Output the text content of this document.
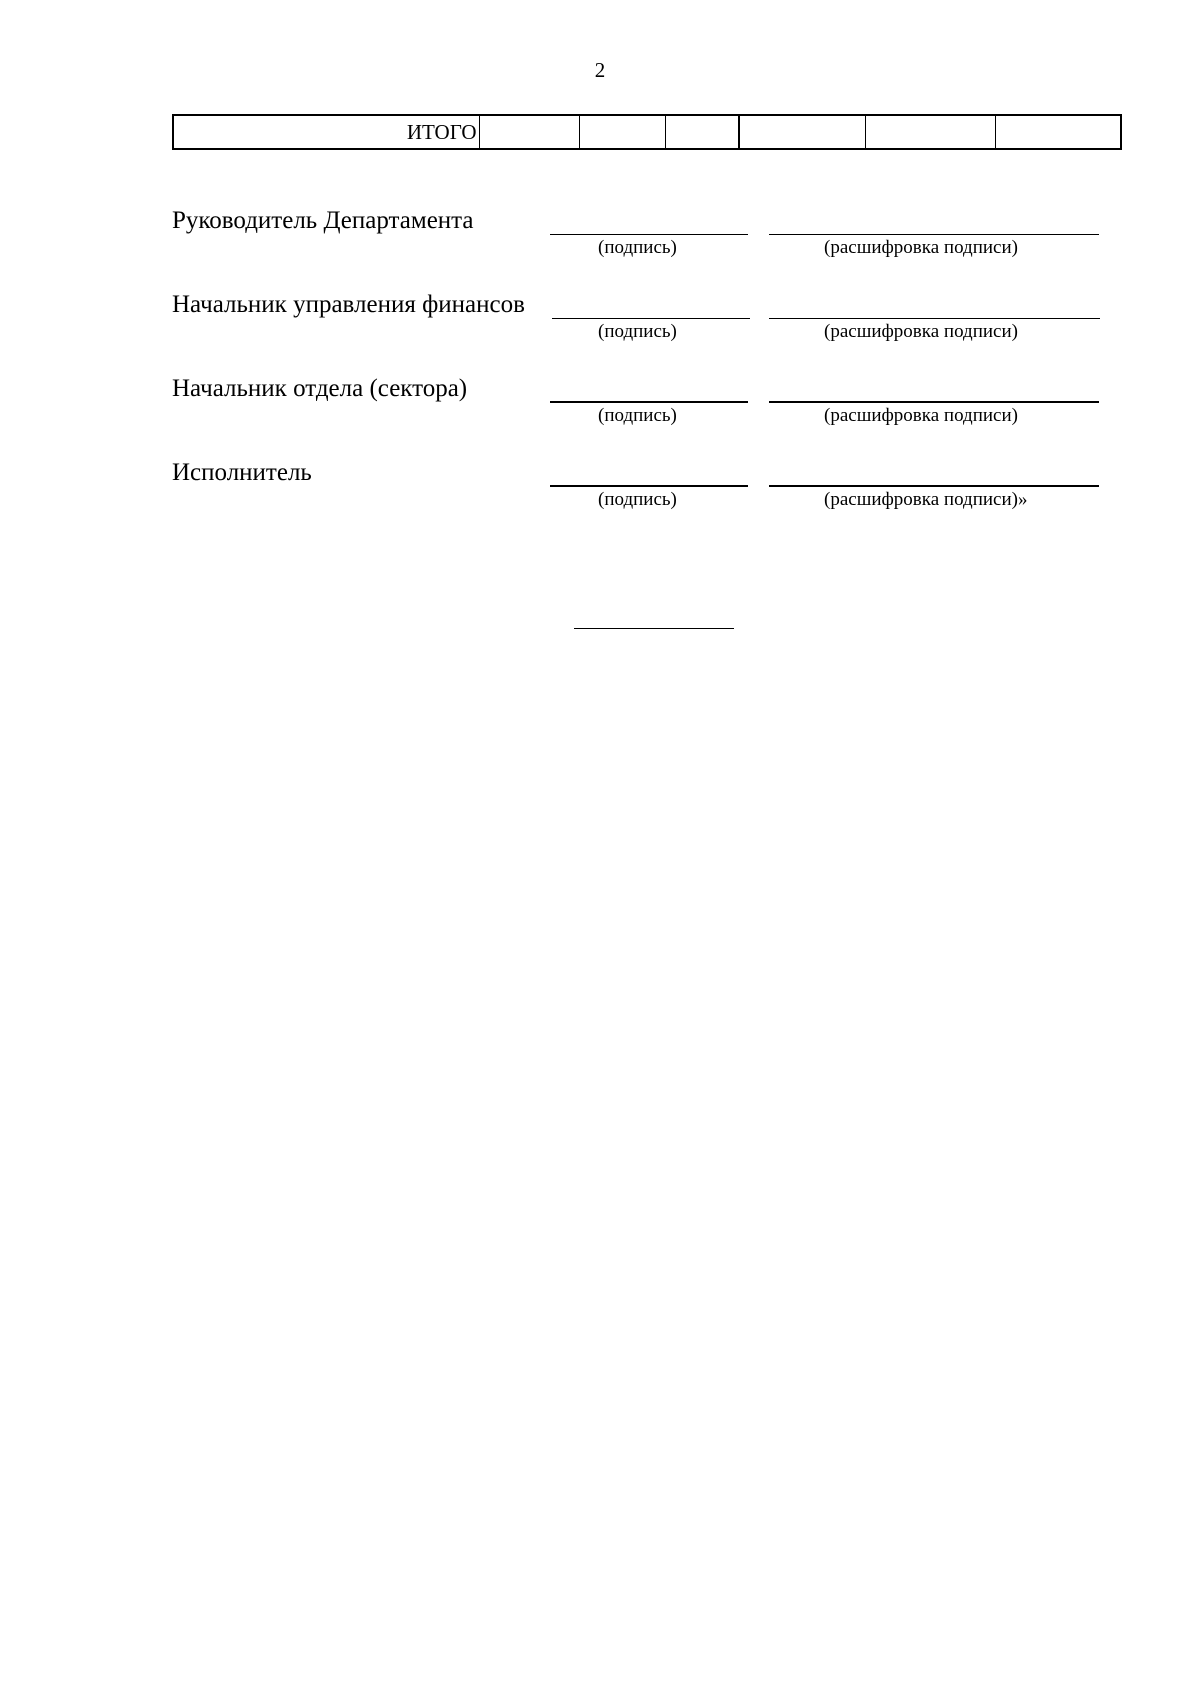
2
ИТОГО						
Руководитель Департамента
(подпись)	(расшифровка подписи)
Начальник управления финансов
(подпись)	(расшифровка подписи)
Начальник отдела (сектора)
(подпись)	(расшифровка подписи)
Исполнитель
(подпись)	(расшифровка подписи)»
